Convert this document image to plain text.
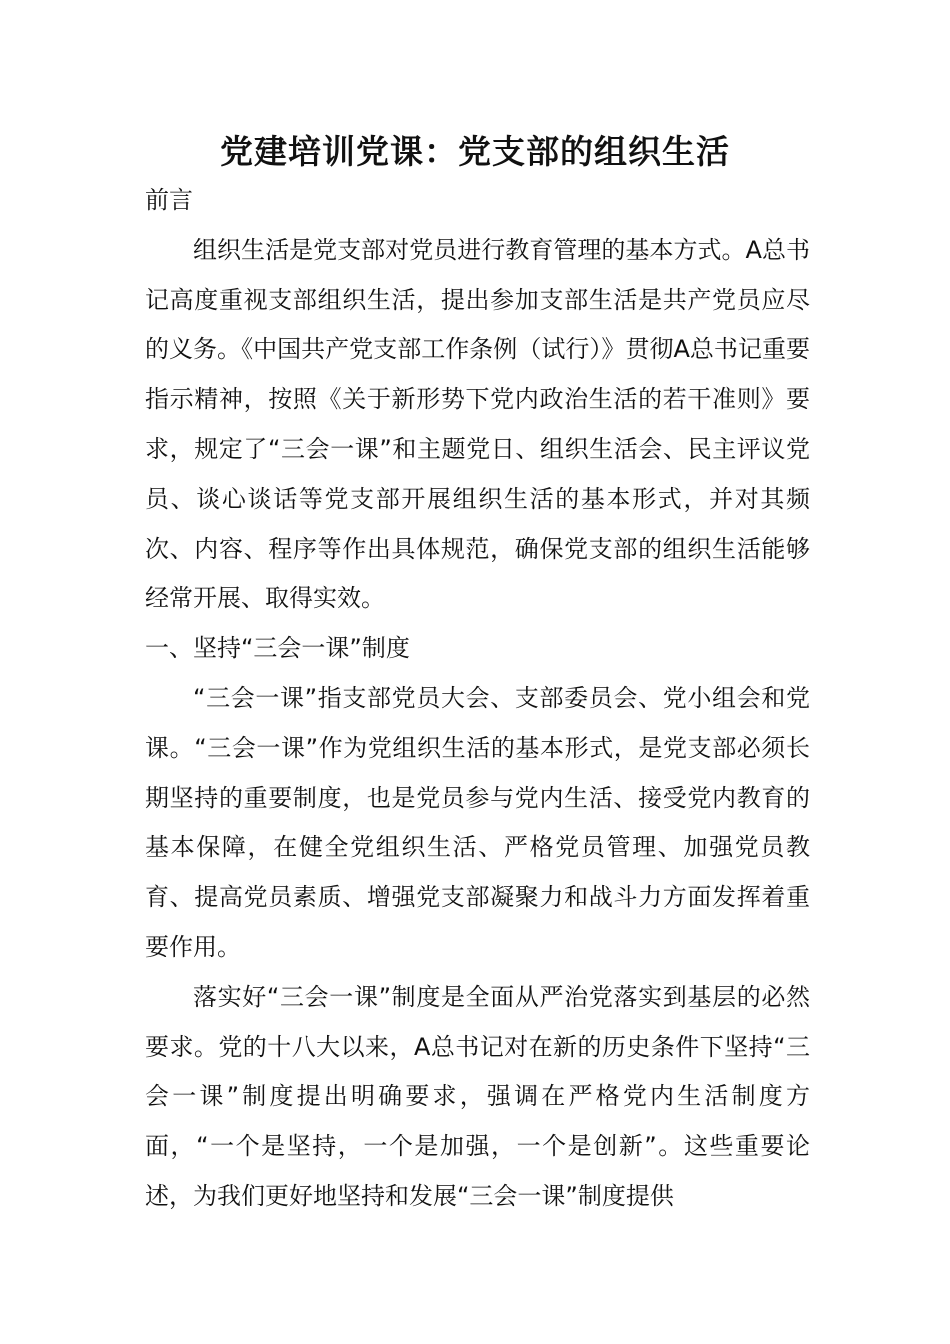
党建培训党课：党支部的组织生活

前言

组织生活是党支部对党员进行教育管理的基本方式。A总书记高度重视支部组织生活，提出参加支部生活是共产党员应尽的义务。《中国共产党支部工作条例（试行）》贯彻A总书记重要指示精神，按照《关于新形势下党内政治生活的若干准则》要求，规定了“三会一课”和主题党日、组织生活会、民主评议党员、谈心谈话等党支部开展组织生活的基本形式，并对其频次、内容、程序等作出具体规范，确保党支部的组织生活能够经常开展、取得实效。

一、坚持“三会一课”制度

“三会一课”指支部党员大会、支部委员会、党小组会和党课。“三会一课”作为党组织生活的基本形式，是党支部必须长期坚持的重要制度，也是党员参与党内生活、接受党内教育的基本保障，在健全党组织生活、严格党员管理、加强党员教育、提高党员素质、增强党支部凝聚力和战斗力方面发挥着重要作用。

落实好“三会一课”制度是全面从严治党落实到基层的必然要求。党的十八大以来，A总书记对在新的历史条件下坚持“三会一课”制度提出明确要求，强调在严格党内生活制度方面，“一个是坚持，一个是加强，一个是创新”。这些重要论述，为我们更好地坚持和发展“三会一课”制度提供
